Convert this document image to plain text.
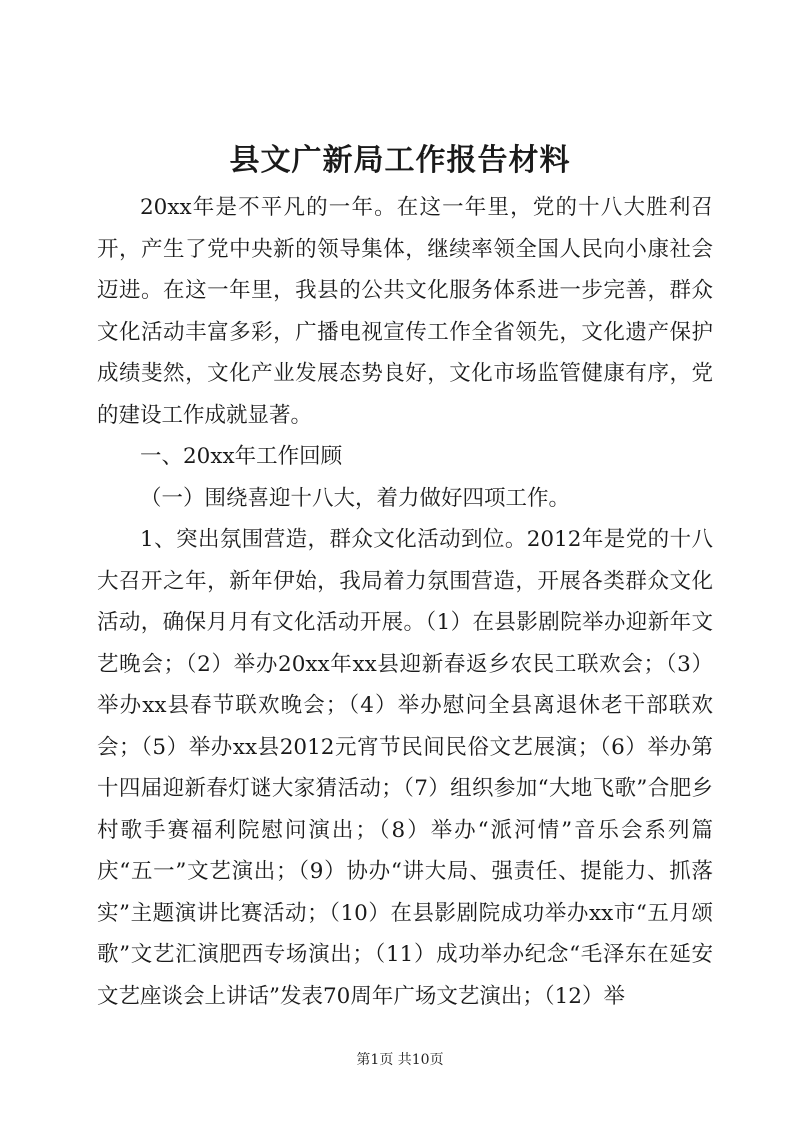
县文广新局工作报告材料

20xx年是不平凡的一年。在这一年里，党的十八大胜利召开，产生了党中央新的领导集体，继续率领全国人民向小康社会迈进。在这一年里，我县的公共文化服务体系进一步完善，群众文化活动丰富多彩，广播电视宣传工作全省领先，文化遗产保护成绩斐然，文化产业发展态势良好，文化市场监管健康有序，党的建设工作成就显著。

一、20xx年工作回顾

（一）围绕喜迎十八大，着力做好四项工作。

1、突出氛围营造，群众文化活动到位。2012年是党的十八大召开之年，新年伊始，我局着力氛围营造，开展各类群众文化活动，确保月月有文化活动开展。（1）在县影剧院举办迎新年文艺晚会；（2）举办20xx年xx县迎新春返乡农民工联欢会；（3）举办xx县春节联欢晚会；（4）举办慰问全县离退休老干部联欢会；（5）举办xx县2012元宵节民间民俗文艺展演；（6）举办第十四届迎新春灯谜大家猜活动；（7）组织参加“大地飞歌”合肥乡村歌手赛福利院慰问演出；（8）举办“派河情”音乐会系列篇庆“五一”文艺演出；（9）协办“讲大局、强责任、提能力、抓落实”主题演讲比赛活动；（10）在县影剧院成功举办xx市“五月颂歌”文艺汇演肥西专场演出；（11）成功举办纪念“毛泽东在延安文艺座谈会上讲话”发表70周年广场文艺演出；（12）举

第1页 共10页
